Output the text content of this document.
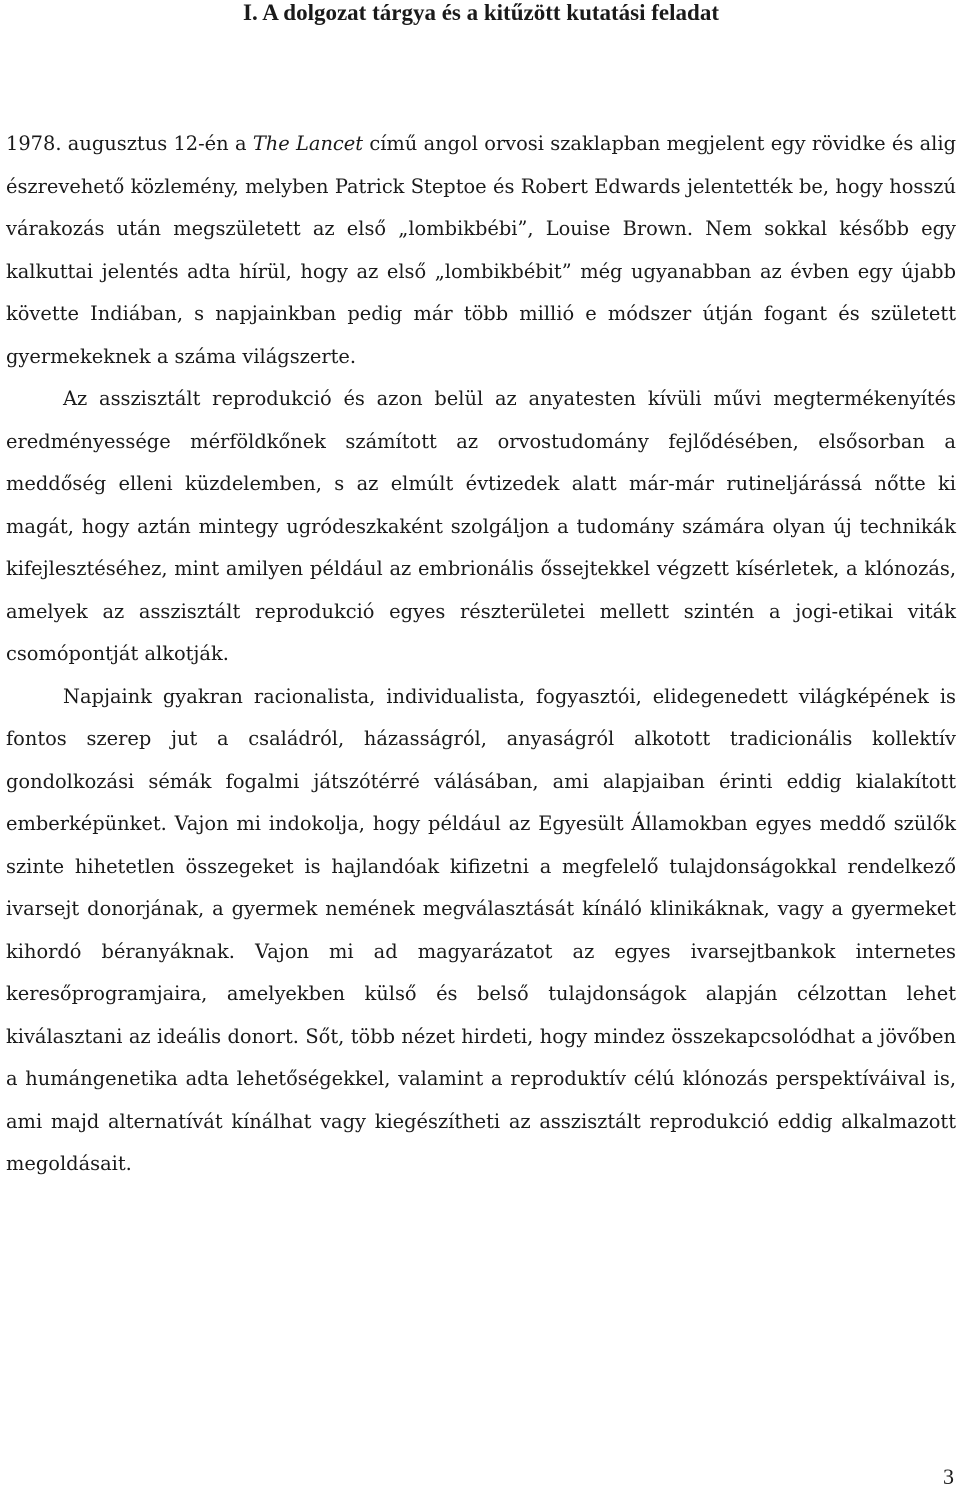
I. A dolgozat tárgya és a kitűzött kutatási feladat

1978. augusztus 12-én a The Lancet című angol orvosi szaklapban megjelent egy rövidke és alig észrevehető közlemény, melyben Patrick Steptoe és Robert Edwards jelentették be, hogy hosszú várakozás után megszületett az első „lombikbébi”, Louise Brown. Nem sokkal később egy kalkuttai jelentés adta hírül, hogy az első „lombikbébit” még ugyanabban az évben egy újabb követte Indiában, s napjainkban pedig már több millió e módszer útján fogant és született gyermekeknek a száma világszerte.

Az asszisztált reprodukció és azon belül az anyatesten kívüli művi megtermékenyítés eredményessége mérföldkőnek számított az orvostudomány fejlődésében, elsősorban a meddőség elleni küzdelemben, s az elmúlt évtizedek alatt már-már rutineljárássá nőtte ki magát, hogy aztán mintegy ugródeszkaként szolgáljon a tudomány számára olyan új technikák kifejlesztéséhez, mint amilyen például az embrionális őssejtekkel végzett kísérletek, a klónozás, amelyek az asszisztált reprodukció egyes részterületei mellett szintén a jogi-etikai viták csomópontját alkotják.

Napjaink gyakran racionalista, individualista, fogyasztói, elidegenedett világképének is fontos szerep jut a családról, házasságról, anyaságról alkotott tradicionális kollektív gondolkozási sémák fogalmi játszótérré válásában, ami alapjaiban érinti eddig kialakított emberképünket. Vajon mi indokolja, hogy például az Egyesült Államokban egyes meddő szülők szinte hihetetlen összegeket is hajlandóak kifizetni a megfelelő tulajdonságokkal rendelkező ivarsejt donorjának, a gyermek nemének megválasztását kínáló klinikáknak, vagy a gyermeket kihordó béranyáknak. Vajon mi ad magyarázatot az egyes ivarsejtbankok internetes keresőprogramjaira, amelyekben külső és belső tulajdonságok alapján célzottan lehet kiválasztani az ideális donort. Sőt, több nézet hirdeti, hogy mindez összekapcsolódhat a jövőben a humángenetika adta lehetőségekkel, valamint a reproduktív célú klónozás perspektíváival is, ami majd alternatívát kínálhat vagy kiegészítheti az asszisztált reprodukció eddig alkalmazott megoldásait.

3
